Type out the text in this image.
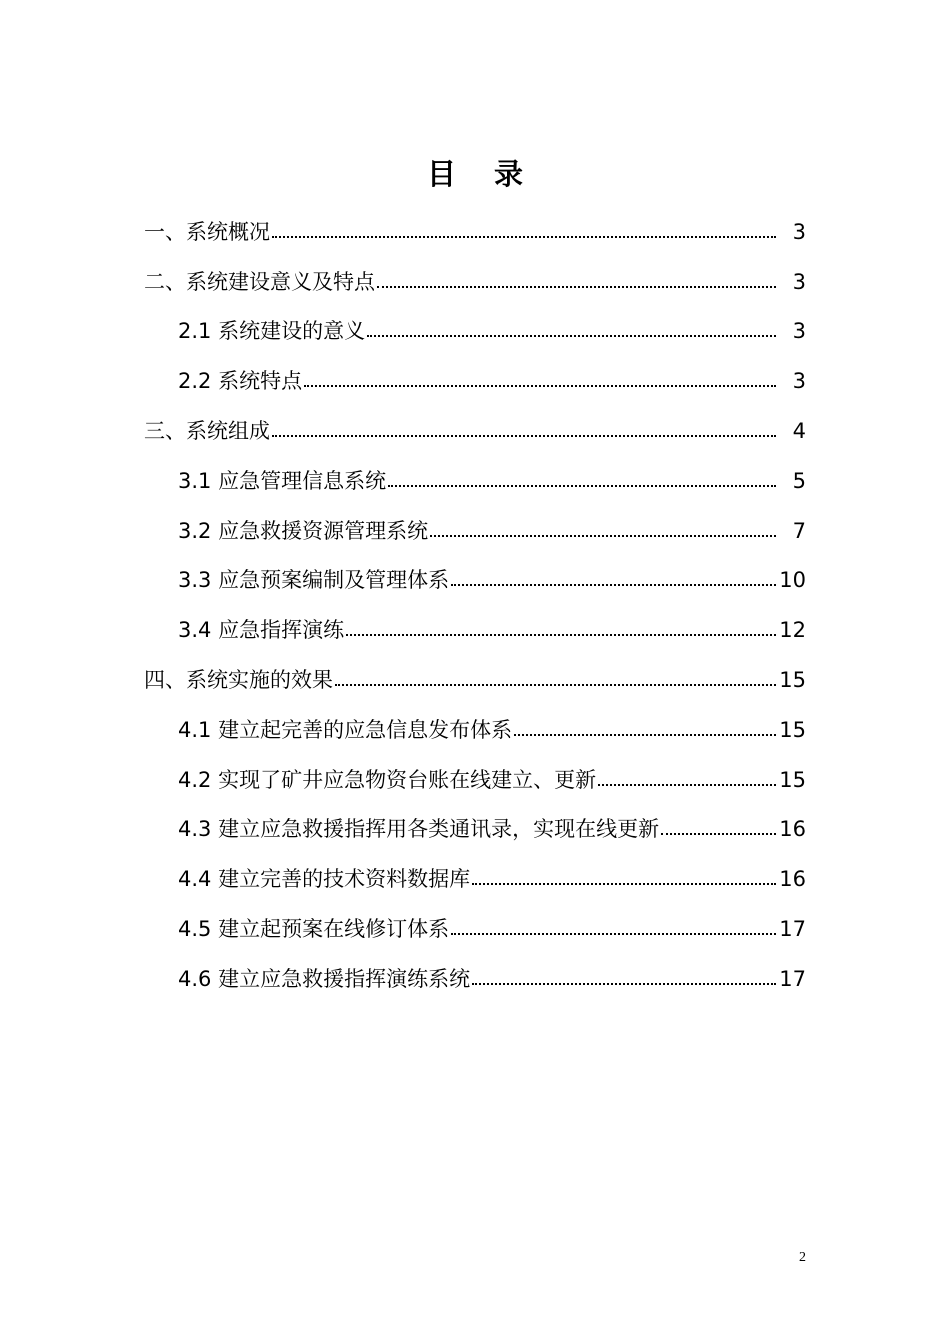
目 录
一、系统概况	3
二、系统建设意义及特点	3
2.1 系统建设的意义	3
2.2 系统特点	3
三、系统组成	4
3.1 应急管理信息系统	5
3.2 应急救援资源管理系统	7
3.3 应急预案编制及管理体系	10
3.4 应急指挥演练	12
四、系统实施的效果	15
4.1 建立起完善的应急信息发布体系	15
4.2 实现了矿井应急物资台账在线建立、更新	15
4.3 建立应急救援指挥用各类通讯录，实现在线更新	16
4.4 建立完善的技术资料数据库	16
4.5 建立起预案在线修订体系	17
4.6 建立应急救援指挥演练系统	17
2
